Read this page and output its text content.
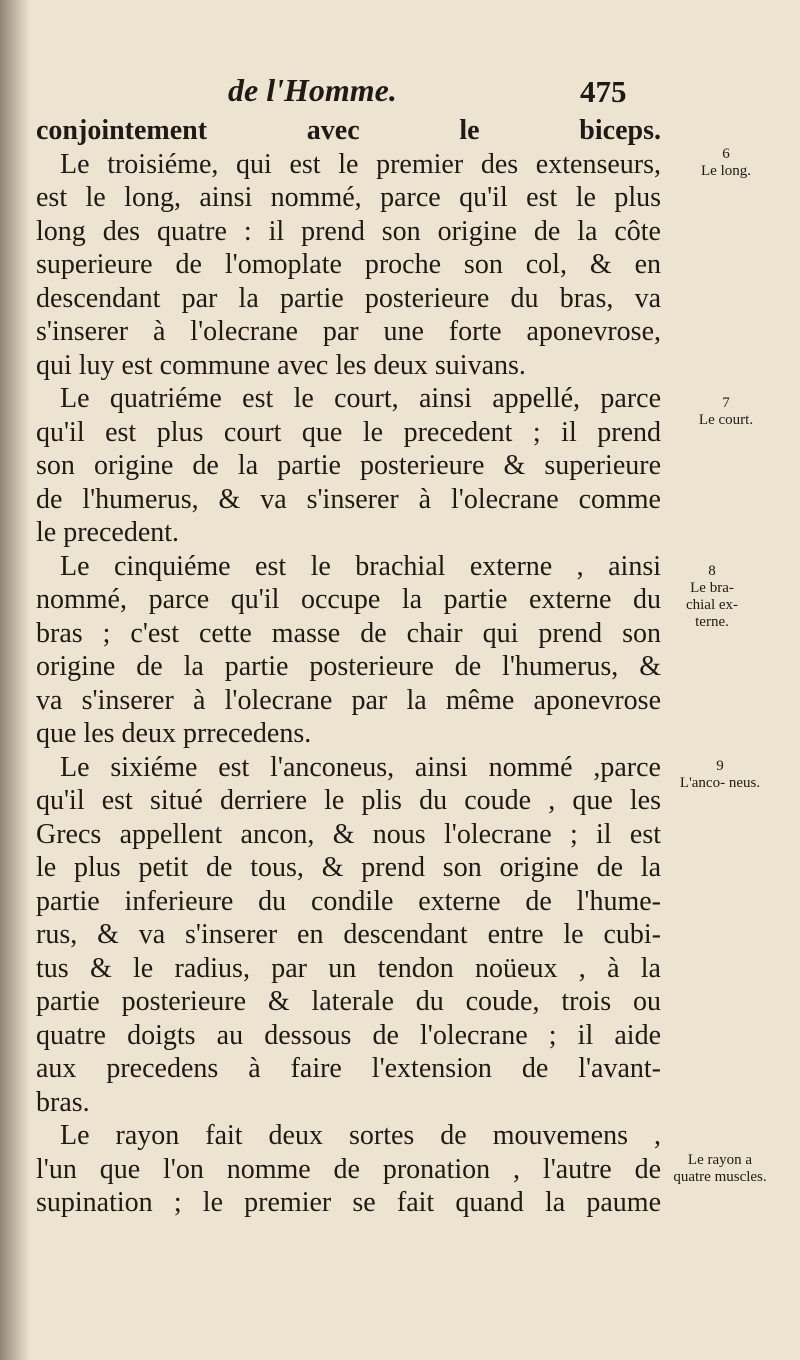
de l'Homme.	475
conjointement avec le biceps.
Le troisiéme, qui est le premier des extenseurs,
est le long, ainsi nommé, parce qu'il est le plus
long des quatre : il prend son origine de la côte
superieure de l'omoplate proche son col, & en
descendant par la partie posterieure du bras, va
s'inserer à l'olecrane par une forte aponevrose,
qui luy est commune avec les deux suivans.
Le quatriéme est le court, ainsi appellé, parce
qu'il est plus court que le precedent ; il prend
son origine de la partie posterieure & superieure
de l'humerus, & va s'inserer à l'olecrane comme
le precedent.
Le cinquiéme est le brachial externe , ainsi
nommé, parce qu'il occupe la partie externe du
bras ; c'est cette masse de chair qui prend son
origine de la partie posterieure de l'humerus, &
va s'inserer à l'olecrane par la même aponevrose
que les deux prrecedens.
Le sixiéme est l'anconeus, ainsi nommé ,parce
qu'il est situé derriere le plis du coude , que les
Grecs appellent ancon, & nous l'olecrane ; il est
le plus petit de tous, & prend son origine de la
partie inferieure du condile externe de l'hume-
rus, & va s'inserer en descendant entre le cubi-
tus & le radius, par un tendon noüeux , à la
partie posterieure & laterale du coude, trois ou
quatre doigts au dessous de l'olecrane ; il aide
aux precedens à faire l'extension de l'avant-
bras.
Le rayon fait deux sortes de mouvemens ,
l'un que l'on nomme de pronation , l'autre de
supination ; le premier se fait quand la paume
6
Le long.
7
Le court.
8
Le bra- chial ex- terne.
9
L'anco- neus.
Le rayon a quatre muscles.
